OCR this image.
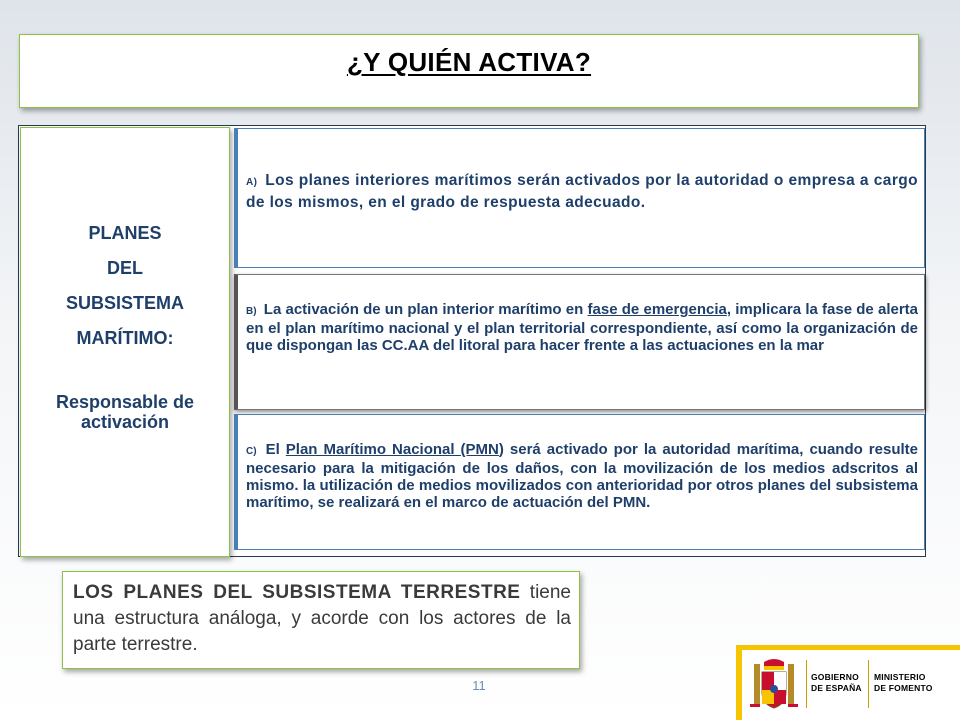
¿Y QUIÉN ACTIVA?
PLANES
DEL
SUBSISTEMA
MARÍTIMO:
Responsable de
activación
A) Los planes interiores marítimos serán activados por la autoridad o empresa a cargo de los mismos, en el grado de respuesta adecuado.
B) La activación de un plan interior marítimo en fase de emergencia, implicara la fase de alerta en el plan marítimo nacional y el plan territorial correspondiente, así como la organización de que dispongan las CC.AA del litoral para hacer frente a las actuaciones en la mar
C) El Plan Marítimo Nacional (PMN) será activado por la autoridad marítima, cuando resulte necesario para la mitigación de los daños, con la movilización de los medios adscritos al mismo. la utilización de medios movilizados con anterioridad por otros planes del subsistema marítimo, se realizará en el marco de actuación del PMN.
LOS PLANES DEL SUBSISTEMA TERRESTRE tiene una estructura análoga, y acorde con los actores de la parte terrestre.
11
GOBIERNO
DE ESPAÑA
MINISTERIO
DE FOMENTO
